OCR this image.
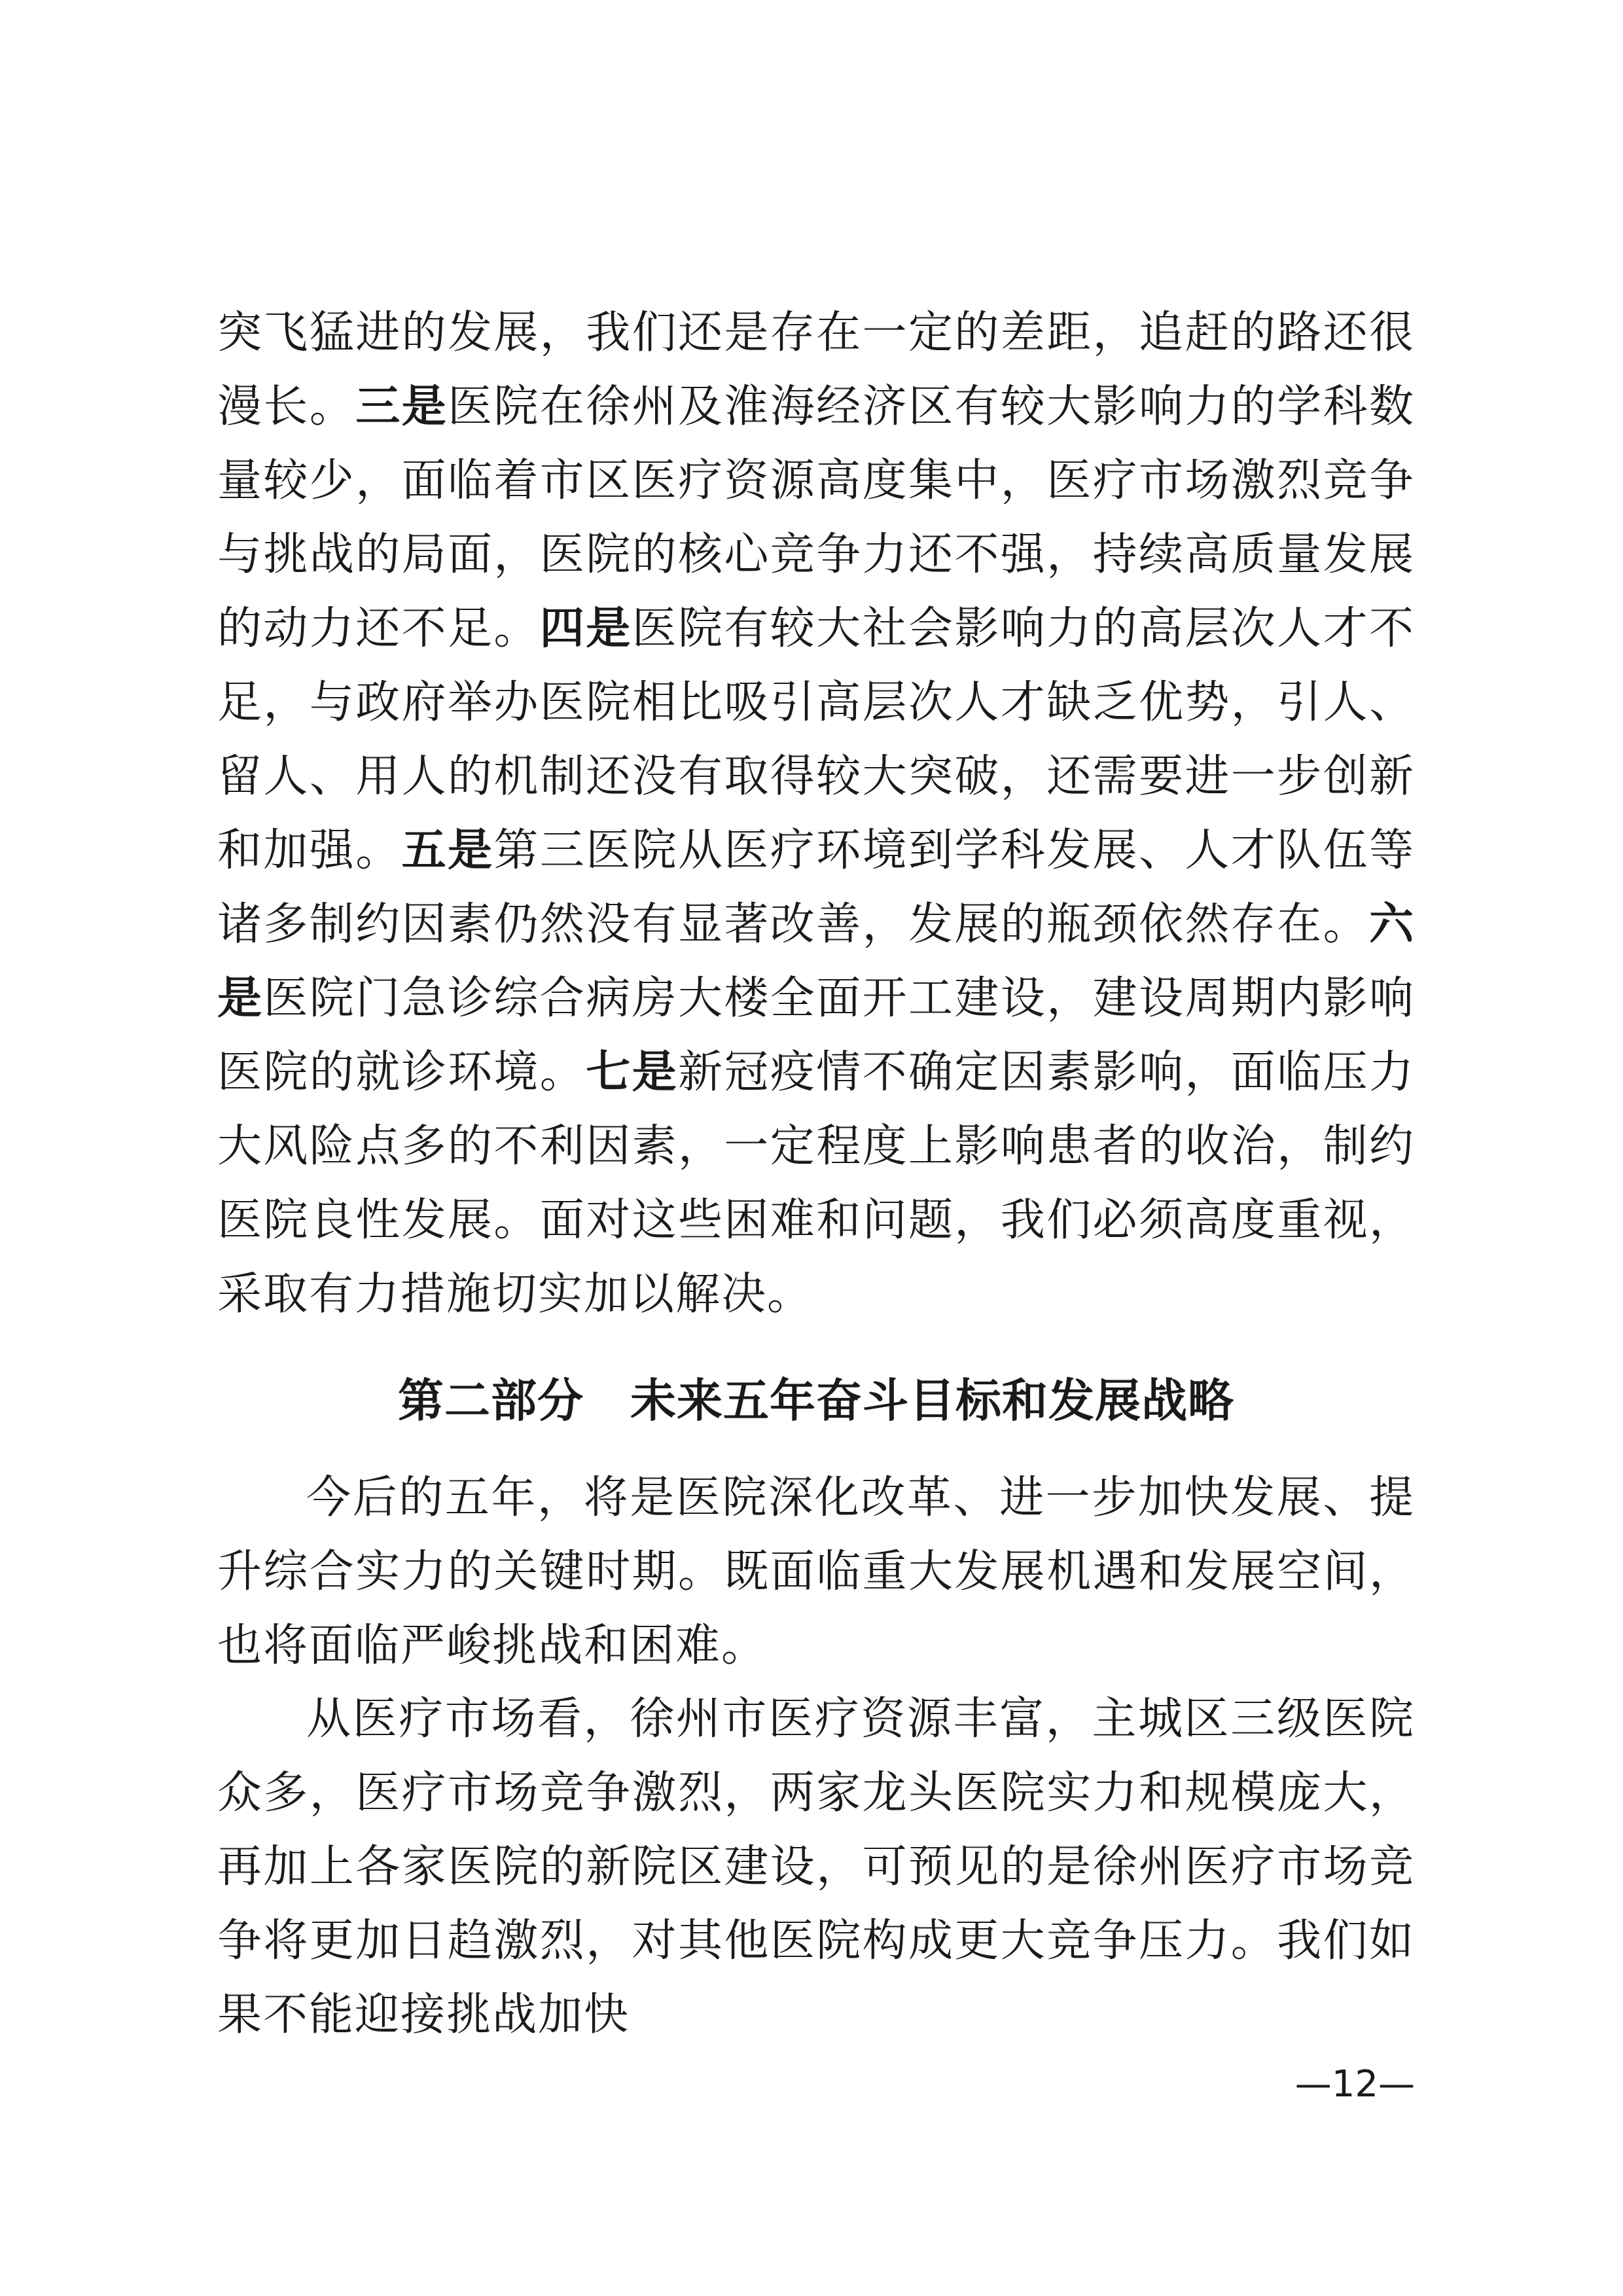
突飞猛进的发展，我们还是存在一定的差距，追赶的路还很漫长。三是医院在徐州及淮海经济区有较大影响力的学科数量较少，面临着市区医疗资源高度集中，医疗市场激烈竞争与挑战的局面，医院的核心竞争力还不强，持续高质量发展的动力还不足。四是医院有较大社会影响力的高层次人才不足，与政府举办医院相比吸引高层次人才缺乏优势，引人、留人、用人的机制还没有取得较大突破，还需要进一步创新和加强。五是第三医院从医疗环境到学科发展、人才队伍等诸多制约因素仍然没有显著改善，发展的瓶颈依然存在。六是医院门急诊综合病房大楼全面开工建设，建设周期内影响医院的就诊环境。七是新冠疫情不确定因素影响，面临压力大风险点多的不利因素，一定程度上影响患者的收治，制约医院良性发展。面对这些困难和问题，我们必须高度重视，采取有力措施切实加以解决。

第二部分　未来五年奋斗目标和发展战略

今后的五年，将是医院深化改革、进一步加快发展、提升综合实力的关键时期。既面临重大发展机遇和发展空间，也将面临严峻挑战和困难。

从医疗市场看，徐州市医疗资源丰富，主城区三级医院众多，医疗市场竞争激烈，两家龙头医院实力和规模庞大，再加上各家医院的新院区建设，可预见的是徐州医疗市场竞争将更加日趋激烈，对其他医院构成更大竞争压力。我们如果不能迎接挑战加快

—12—
